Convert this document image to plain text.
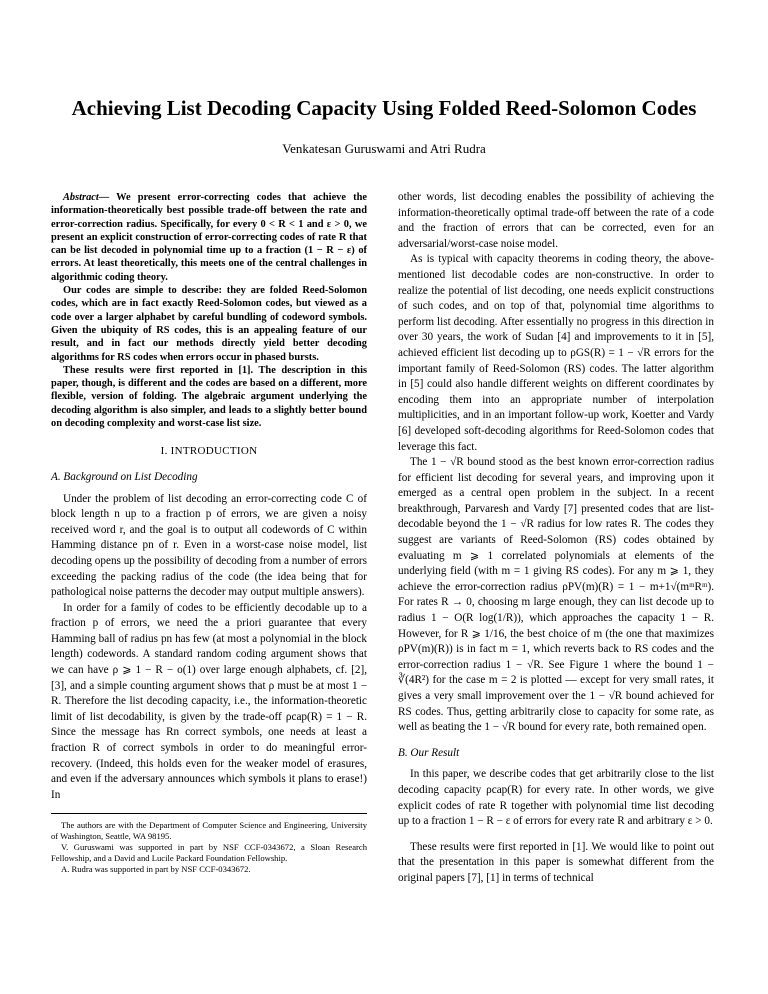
Achieving List Decoding Capacity Using Folded Reed-Solomon Codes
Venkatesan Guruswami and Atri Rudra

Abstract— We present error-correcting codes that achieve the information-theoretically best possible trade-off between the rate and error-correction radius. Specifically, for every 0 < R < 1 and ε > 0, we present an explicit construction of error-correcting codes of rate R that can be list decoded in polynomial time up to a fraction (1 − R − ε) of errors. At least theoretically, this meets one of the central challenges in algorithmic coding theory.

Our codes are simple to describe: they are folded Reed-Solomon codes, which are in fact exactly Reed-Solomon codes, but viewed as a code over a larger alphabet by careful bundling of codeword symbols. Given the ubiquity of RS codes, this is an appealing feature of our result, and in fact our methods directly yield better decoding algorithms for RS codes when errors occur in phased bursts.

These results were first reported in [1]. The description in this paper, though, is different and the codes are based on a different, more flexible, version of folding. The algebraic argument underlying the decoding algorithm is also simpler, and leads to a slightly better bound on decoding complexity and worst-case list size.

I. INTRODUCTION
A. Background on List Decoding

Under the problem of list decoding an error-correcting code C of block length n up to a fraction p of errors, we are given a noisy received word r, and the goal is to output all codewords of C within Hamming distance pn of r. Even in a worst-case noise model, list decoding opens up the possibility of decoding from a number of errors exceeding the packing radius of the code (the idea being that for pathological noise patterns the decoder may output multiple answers).

In order for a family of codes to be efficiently decodable up to a fraction p of errors, we need the a priori guarantee that every Hamming ball of radius pn has few (at most a polynomial in the block length) codewords. A standard random coding argument shows that we can have ρ ⩾ 1 − R − o(1) over large enough alphabets, cf. [2], [3], and a simple counting argument shows that ρ must be at most 1 − R. Therefore the list decoding capacity, i.e., the information-theoretic limit of list decodability, is given by the trade-off ρcap(R) = 1 − R. Since the message has Rn correct symbols, one needs at least a fraction R of correct symbols in order to do meaningful error-recovery. (Indeed, this holds even for the weaker model of erasures, and even if the adversary announces which symbols it plans to erase!) In

The authors are with the Department of Computer Science and Engineering, University of Washington, Seattle, WA 98195.

V. Guruswami was supported in part by NSF CCF-0343672, a Sloan Research Fellowship, and a David and Lucile Packard Foundation Fellowship.

A. Rudra was supported in part by NSF CCF-0343672.

other words, list decoding enables the possibility of achieving the information-theoretically optimal trade-off between the rate of a code and the fraction of errors that can be corrected, even for an adversarial/worst-case noise model.

As is typical with capacity theorems in coding theory, the above-mentioned list decodable codes are non-constructive. In order to realize the potential of list decoding, one needs explicit constructions of such codes, and on top of that, polynomial time algorithms to perform list decoding. After essentially no progress in this direction in over 30 years, the work of Sudan [4] and improvements to it in [5], achieved efficient list decoding up to ρGS(R) = 1 − √R errors for the important family of Reed-Solomon (RS) codes. The latter algorithm in [5] could also handle different weights on different coordinates by encoding them into an appropriate number of interpolation multiplicities, and in an important follow-up work, Koetter and Vardy [6] developed soft-decoding algorithms for Reed-Solomon codes that leverage this fact.

The 1 − √R bound stood as the best known error-correction radius for efficient list decoding for several years, and improving upon it emerged as a central open problem in the subject. In a recent breakthrough, Parvaresh and Vardy [7] presented codes that are list-decodable beyond the 1 − √R radius for low rates R. The codes they suggest are variants of Reed-Solomon (RS) codes obtained by evaluating m ⩾ 1 correlated polynomials at elements of the underlying field (with m = 1 giving RS codes). For any m ⩾ 1, they achieve the error-correction radius ρPV(m)(R) = 1 − m+1√(mᵐRᵐ). For rates R → 0, choosing m large enough, they can list decode up to radius 1 − O(R log(1/R)), which approaches the capacity 1 − R. However, for R ⩾ 1/16, the best choice of m (the one that maximizes ρPV(m)(R)) is in fact m = 1, which reverts back to RS codes and the error-correction radius 1 − √R. See Figure 1 where the bound 1 − ∛(4R²) for the case m = 2 is plotted — except for very small rates, it gives a very small improvement over the 1 − √R bound achieved for RS codes. Thus, getting arbitrarily close to capacity for some rate, as well as beating the 1 − √R bound for every rate, both remained open.

B. Our Result

In this paper, we describe codes that get arbitrarily close to the list decoding capacity ρcap(R) for every rate. In other words, we give explicit codes of rate R together with polynomial time list decoding up to a fraction 1 − R − ε of errors for every rate R and arbitrary ε > 0.

These results were first reported in [1]. We would like to point out that the presentation in this paper is somewhat different from the original papers [7], [1] in terms of technical
